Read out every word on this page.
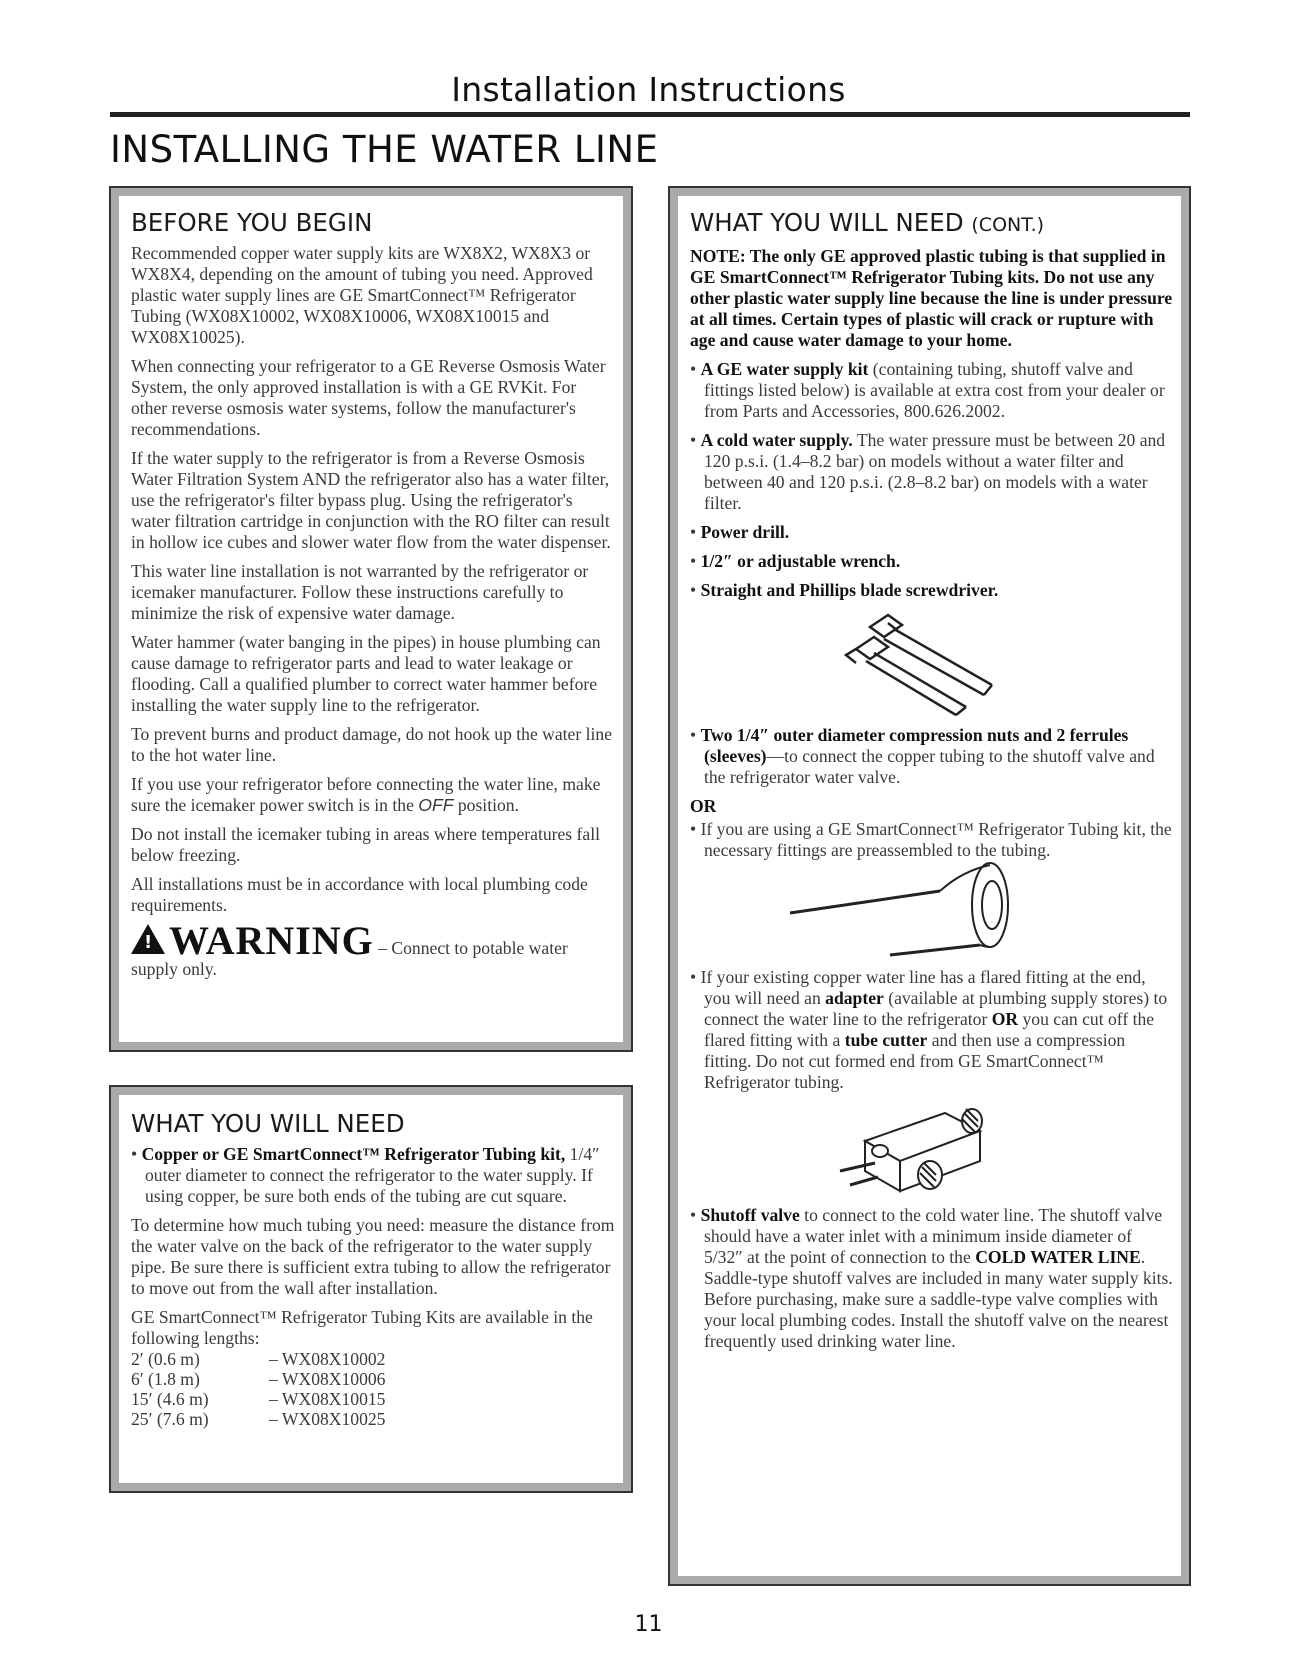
Installation Instructions
INSTALLING THE WATER LINE
BEFORE YOU BEGIN

Recommended copper water supply kits are WX8X2, WX8X3 or WX8X4, depending on the amount of tubing you need. Approved plastic water supply lines are GE SmartConnect™ Refrigerator Tubing (WX08X10002, WX08X10006, WX08X10015 and WX08X10025).

When connecting your refrigerator to a GE Reverse Osmosis Water System, the only approved installation is with a GE RVKit. For other reverse osmosis water systems, follow the manufacturer's recommendations.

If the water supply to the refrigerator is from a Reverse Osmosis Water Filtration System AND the refrigerator also has a water filter, use the refrigerator's filter bypass plug. Using the refrigerator's water filtration cartridge in conjunction with the RO filter can result in hollow ice cubes and slower water flow from the water dispenser.

This water line installation is not warranted by the refrigerator or icemaker manufacturer. Follow these instructions carefully to minimize the risk of expensive water damage.

Water hammer (water banging in the pipes) in house plumbing can cause damage to refrigerator parts and lead to water leakage or flooding. Call a qualified plumber to correct water hammer before installing the water supply line to the refrigerator.

To prevent burns and product damage, do not hook up the water line to the hot water line.

If you use your refrigerator before connecting the water line, make sure the icemaker power switch is in the OFF position.

Do not install the icemaker tubing in areas where temperatures fall below freezing.

All installations must be in accordance with local plumbing code requirements.

! WARNING – Connect to potable water supply only.

WHAT YOU WILL NEED

• Copper or GE SmartConnect™ Refrigerator Tubing kit, 1/4″ outer diameter to connect the refrigerator to the water supply. If using copper, be sure both ends of the tubing are cut square.

To determine how much tubing you need: measure the distance from the water valve on the back of the refrigerator to the water supply pipe. Be sure there is sufficient extra tubing to allow the refrigerator to move out from the wall after installation.

GE SmartConnect™ Refrigerator Tubing Kits are available in the following lengths:

2′ (0.6 m)	– WX08X10002
6′ (1.8 m)	– WX08X10006
15′ (4.6 m)	– WX08X10015
25′ (7.6 m)	– WX08X10025
WHAT YOU WILL NEED (CONT.)

NOTE: The only GE approved plastic tubing is that supplied in GE SmartConnect™ Refrigerator Tubing kits. Do not use any other plastic water supply line because the line is under pressure at all times. Certain types of plastic will crack or rupture with age and cause water damage to your home.

• A GE water supply kit (containing tubing, shutoff valve and fittings listed below) is available at extra cost from your dealer or from Parts and Accessories, 800.626.2002.

• A cold water supply. The water pressure must be between 20 and 120 p.s.i. (1.4–8.2 bar) on models without a water filter and between 40 and 120 p.s.i. (2.8–8.2 bar) on models with a water filter.

• Power drill.

• 1/2″ or adjustable wrench.

• Straight and Phillips blade screwdriver.

• Two 1/4″ outer diameter compression nuts and 2 ferrules (sleeves)—to connect the copper tubing to the shutoff valve and the refrigerator water valve.

OR

• If you are using a GE SmartConnect™ Refrigerator Tubing kit, the necessary fittings are preassembled to the tubing.

• If your existing copper water line has a flared fitting at the end, you will need an adapter (available at plumbing supply stores) to connect the water line to the refrigerator OR you can cut off the flared fitting with a tube cutter and then use a compression fitting. Do not cut formed end from GE SmartConnect™ Refrigerator tubing.

• Shutoff valve to connect to the cold water line. The shutoff valve should have a water inlet with a minimum inside diameter of 5/32″ at the point of connection to the COLD WATER LINE. Saddle-type shutoff valves are included in many water supply kits. Before purchasing, make sure a saddle-type valve complies with your local plumbing codes. Install the shutoff valve on the nearest frequently used drinking water line.

11
